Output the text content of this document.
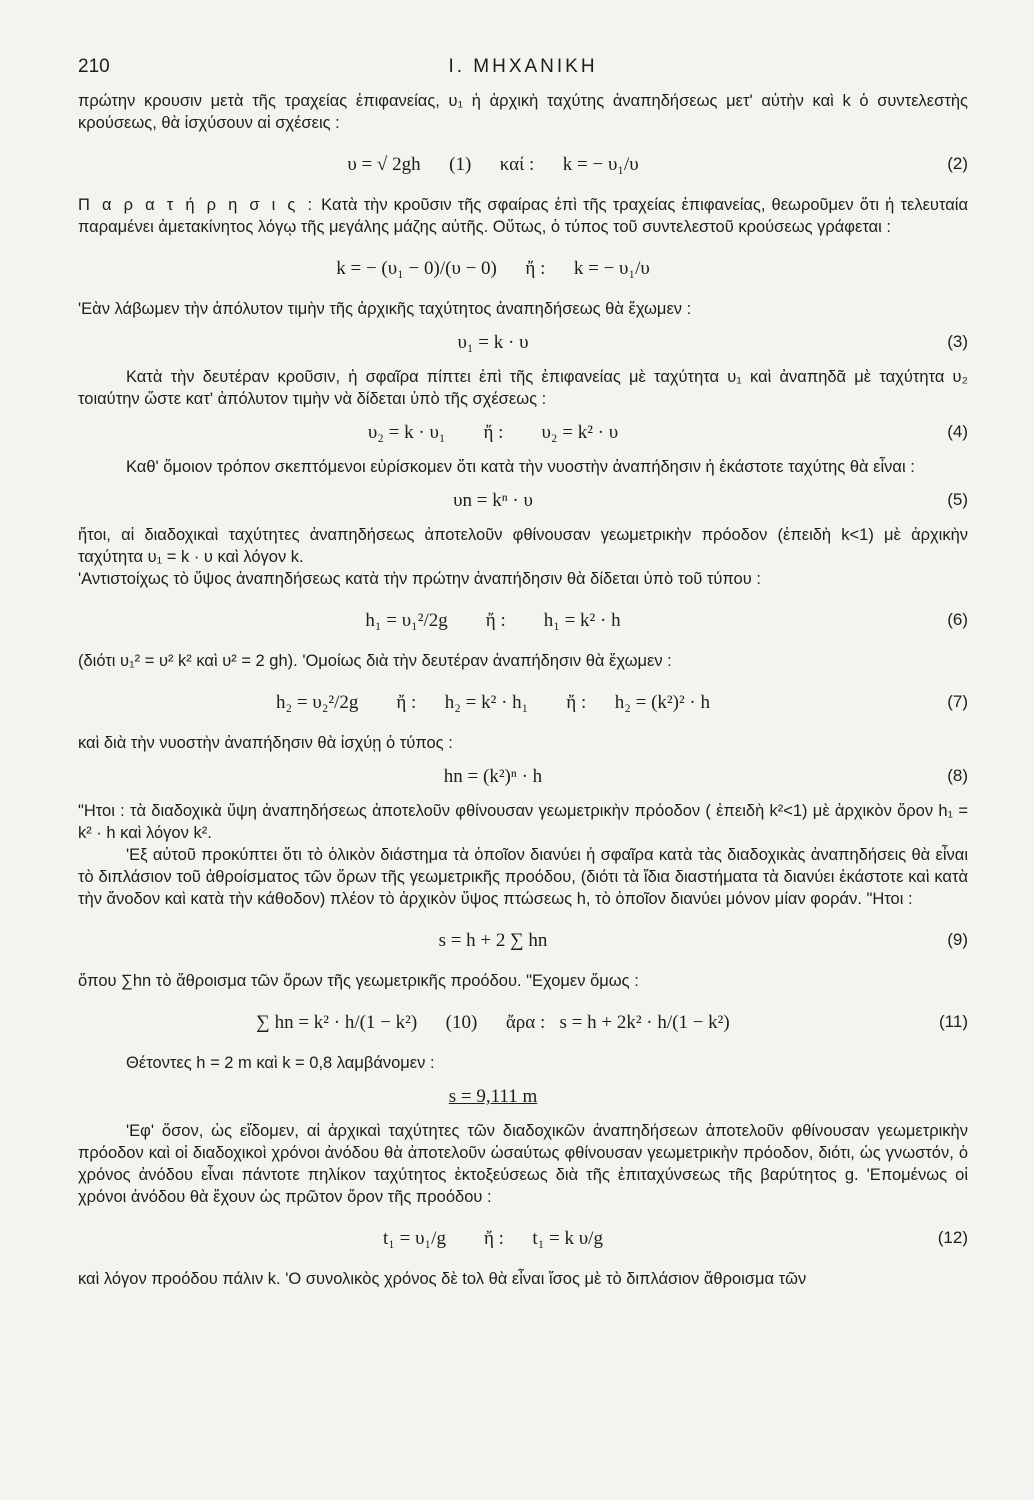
210	Ι. ΜΗΧΑΝΙΚΗ

πρώτην κρουσιν μετὰ τῆς τραχείας ἐπιφανείας, υ₁ ἡ ἀρχικὴ ταχύτης ἀναπηδήσεως μετ' αὐτὴν καὶ k ὁ συντελεστὴς κρούσεως, θὰ ἰσχύσουν αἱ σχέσεις :

υ = √ 2gh      (1)      καί :      k = − υ₁/υ	(2)

Π α ρ α τ ή ρ η σ ι ς : Κατὰ τὴν κροῦσιν τῆς σφαίρας ἐπὶ τῆς τραχείας ἐπιφανείας, θεωροῦμεν ὅτι ἡ τελευταία παραμένει ἀμετακίνητος λόγῳ τῆς μεγάλης μάζης αὐτῆς. Οὕτως, ὁ τύπος τοῦ συντελεστοῦ κρούσεως γράφεται :

k = − (υ₁ − 0)/(υ − 0)      ἤ :      k = − υ₁/υ

'Εὰν λάβωμεν τὴν ἀπόλυτον τιμὴν τῆς ἀρχικῆς ταχύτητος ἀναπηδήσεως θὰ ἔχωμεν :

υ₁ = k · υ	(3)

Κατὰ τὴν δευτέραν κροῦσιν, ἡ σφαῖρα πίπτει ἐπὶ τῆς ἐπιφανείας μὲ ταχύτητα υ₁ καὶ ἀναπηδᾶ μὲ ταχύτητα υ₂ τοιαύτην ὥστε κατ' ἀπόλυτον τιμὴν νὰ δίδεται ὑπὸ τῆς σχέσεως :

υ₂ = k · υ₁        ἤ :        υ₂ = k² · υ	(4)

Καθ' ὅμοιον τρόπον σκεπτόμενοι εὑρίσκομεν ὅτι κατὰ τὴν νυοστὴν ἀναπήδησιν ἡ ἑκάστοτε ταχύτης θὰ εἶναι :

υn = kⁿ · υ	(5)

ἤτοι, αἱ διαδοχικαὶ ταχύτητες ἀναπηδήσεως ἀποτελοῦν φθίνουσαν γεωμετρικὴν πρόοδον (ἐπειδὴ k<1) μὲ ἀρχικὴν ταχύτητα υ₁ = k · υ καὶ λόγον k.

'Αντιστοίχως τὸ ὕψος ἀναπηδήσεως κατὰ τὴν πρώτην ἀναπήδησιν θὰ δίδεται ὑπὸ τοῦ τύπου :

h₁ = υ₁²/2g        ἤ :        h₁ = k² · h	(6)

(διότι υ₁² = υ² k² καὶ υ² = 2 gh). 'Ομοίως διὰ τὴν δευτέραν ἀναπήδησιν θὰ ἔχωμεν :

h₂ = υ₂²/2g        ἤ :      h₂ = k² · h₁        ἤ :      h₂ = (k²)² · h	(7)

καὶ διὰ τὴν νυοστὴν ἀναπήδησιν θὰ ἰσχύῃ ὁ τύπος :

hn = (k²)ⁿ · h	(8)

"Ητοι : τὰ διαδοχικὰ ὕψη ἀναπηδήσεως ἀποτελοῦν φθίνουσαν γεωμετρικὴν πρόοδον ( ἐπειδὴ k²<1) μὲ ἀρχικὸν ὅρον h₁ = k² · h καὶ λόγον k².

'Εξ αὐτοῦ προκύπτει ὅτι τὸ ὁλικὸν διάστημα τὰ ὁποῖον διανύει ἡ σφαῖρα κατὰ τὰς διαδοχικὰς ἀναπηδήσεις θὰ εἶναι τὸ διπλάσιον τοῦ ἀθροίσματος τῶν ὅρων τῆς γεωμετρικῆς προόδου, (διότι τὰ ἴδια διαστήματα τὰ διανύει ἑκάστοτε καὶ κατὰ τὴν ἄνοδον καὶ κατὰ τὴν κάθοδον) πλέον τὸ ἀρχικὸν ὕψος πτώσεως h, τὸ ὁποῖον διανύει μόνον μίαν φοράν. "Ητοι :

s = h + 2 ∑ hn	(9)

ὅπου ∑hn τὸ ἄθροισμα τῶν ὅρων τῆς γεωμετρικῆς προόδου. "Εχομεν ὅμως :

∑ hn = k² · h/(1 − k²)      (10)      ἄρα :   s = h + 2k² · h/(1 − k²)	(11)

Θέτοντες h = 2 m καὶ k = 0,8 λαμβάνομεν :

s = 9,111 m

'Εφ' ὅσον, ὡς εἴδομεν, αἱ ἀρχικαὶ ταχύτητες τῶν διαδοχικῶν ἀναπηδήσεων ἀποτελοῦν φθίνουσαν γεωμετρικὴν πρόοδον καὶ οἱ διαδοχικοὶ χρόνοι ἀνόδου θὰ ἀποτελοῦν ὡσαύτως φθίνουσαν γεωμετρικὴν πρόοδον, διότι, ὡς γνωστόν, ὁ χρόνος ἀνόδου εἶναι πάντοτε πηλίκον ταχύτητος ἐκτοξεύσεως διὰ τῆς ἐπιταχύνσεως τῆς βαρύτητος g. 'Επομένως οἱ χρόνοι ἀνόδου θὰ ἔχουν ὡς πρῶτον ὅρον τῆς προόδου :

t₁ = υ₁/g        ἤ :      t₁ = k υ/g	(12)

καὶ λόγον προόδου πάλιν k. 'Ο συνολικὸς χρόνος δὲ tολ θὰ εἶναι ἴσος μὲ τὸ διπλάσιον ἄθροισμα τῶν
